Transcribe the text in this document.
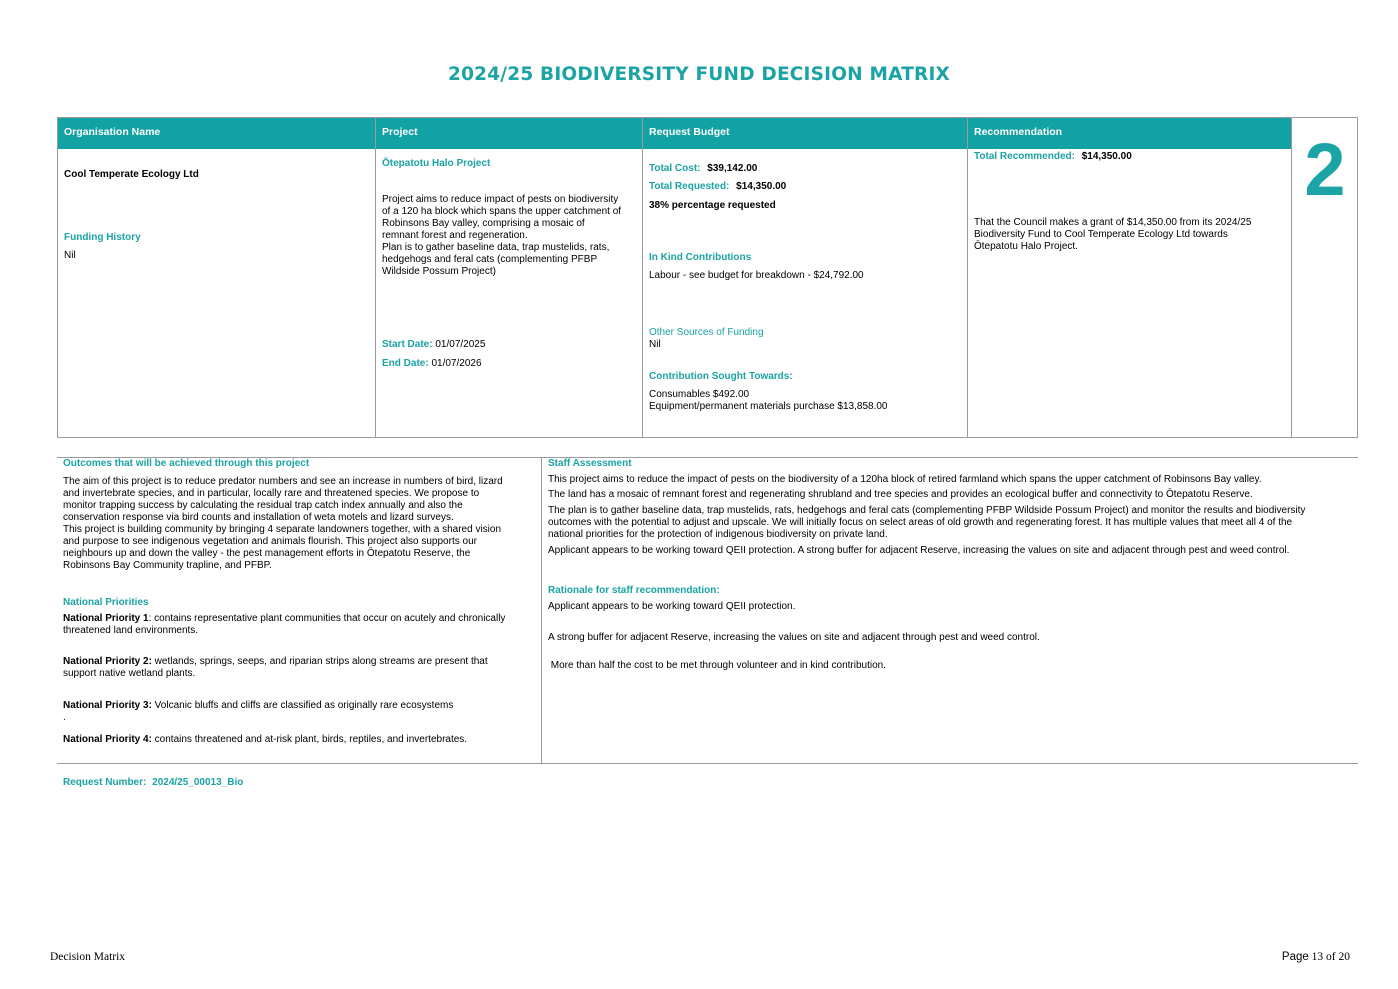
2024/25 BIODIVERSITY FUND DECISION MATRIX
Organisation Name
Cool Temperate Ecology Ltd
Funding History
Nil
Project
Ōtepatotu Halo Project
Project aims to reduce impact of pests on biodiversity
of a 120 ha block which spans the upper catchment of
Robinsons Bay valley, comprising a mosaic of
remnant forest and regeneration.
Plan is to gather baseline data, trap mustelids, rats,
hedgehogs and feral cats (complementing PFBP
Wildside Possum Project)
Start Date: 01/07/2025
End Date: 01/07/2026
Request Budget
Total Cost: $39,142.00
Total Requested: $14,350.00
38% percentage requested
In Kind Contributions
Labour - see budget for breakdown - $24,792.00
Other Sources of Funding
Nil
Contribution Sought Towards:
Consumables $492.00
Equipment/permanent materials purchase $13,858.00
Recommendation
Total Recommended: $14,350.00
That the Council makes a grant of $14,350.00 from its 2024/25
Biodiversity Fund to Cool Temperate Ecology Ltd towards
Ōtepatotu Halo Project.
2
Outcomes that will be achieved through this project
The aim of this project is to reduce predator numbers and see an increase in numbers of bird, lizard
and invertebrate species, and in particular, locally rare and threatened species. We propose to
monitor trapping success by calculating the residual trap catch index annually and also the
conservation response via bird counts and installation of weta motels and lizard surveys.
This project is building community by bringing 4 separate landowners together, with a shared vision
and purpose to see indigenous vegetation and animals flourish. This project also supports our
neighbours up and down the valley - the pest management efforts in Ōtepatotu Reserve, the
Robinsons Bay Community trapline, and PFBP.
National Priorities
National Priority 1: contains representative plant communities that occur on acutely and chronically
threatened land environments.
National Priority 2: wetlands, springs, seeps, and riparian strips along streams are present that
support native wetland plants.
National Priority 3: Volcanic bluffs and cliffs are classified as originally rare ecosystems
.
National Priority 4: contains threatened and at-risk plant, birds, reptiles, and invertebrates.
Staff Assessment
This project aims to reduce the impact of pests on the biodiversity of a 120ha block of retired farmland which spans the upper catchment of Robinsons Bay valley.
The land has a mosaic of remnant forest and regenerating shrubland and tree species and provides an ecological buffer and connectivity to Ōtepatotu Reserve.
The plan is to gather baseline data, trap mustelids, rats, hedgehogs and feral cats (complementing PFBP Wildside Possum Project) and monitor the results and biodiversity
outcomes with the potential to adjust and upscale. We will initially focus on select areas of old growth and regenerating forest. It has multiple values that meet all 4 of the
national priorities for the protection of indigenous biodiversity on private land.
Applicant appears to be working toward QEII protection. A strong buffer for adjacent Reserve, increasing the values on site and adjacent through pest and weed control.
Rationale for staff recommendation:
Applicant appears to be working toward QEII protection.
A strong buffer for adjacent Reserve, increasing the values on site and adjacent through pest and weed control.
More than half the cost to be met through volunteer and in kind contribution.
Request Number: 2024/25_00013_Bio
Decision Matrix	Page 13 of 20
